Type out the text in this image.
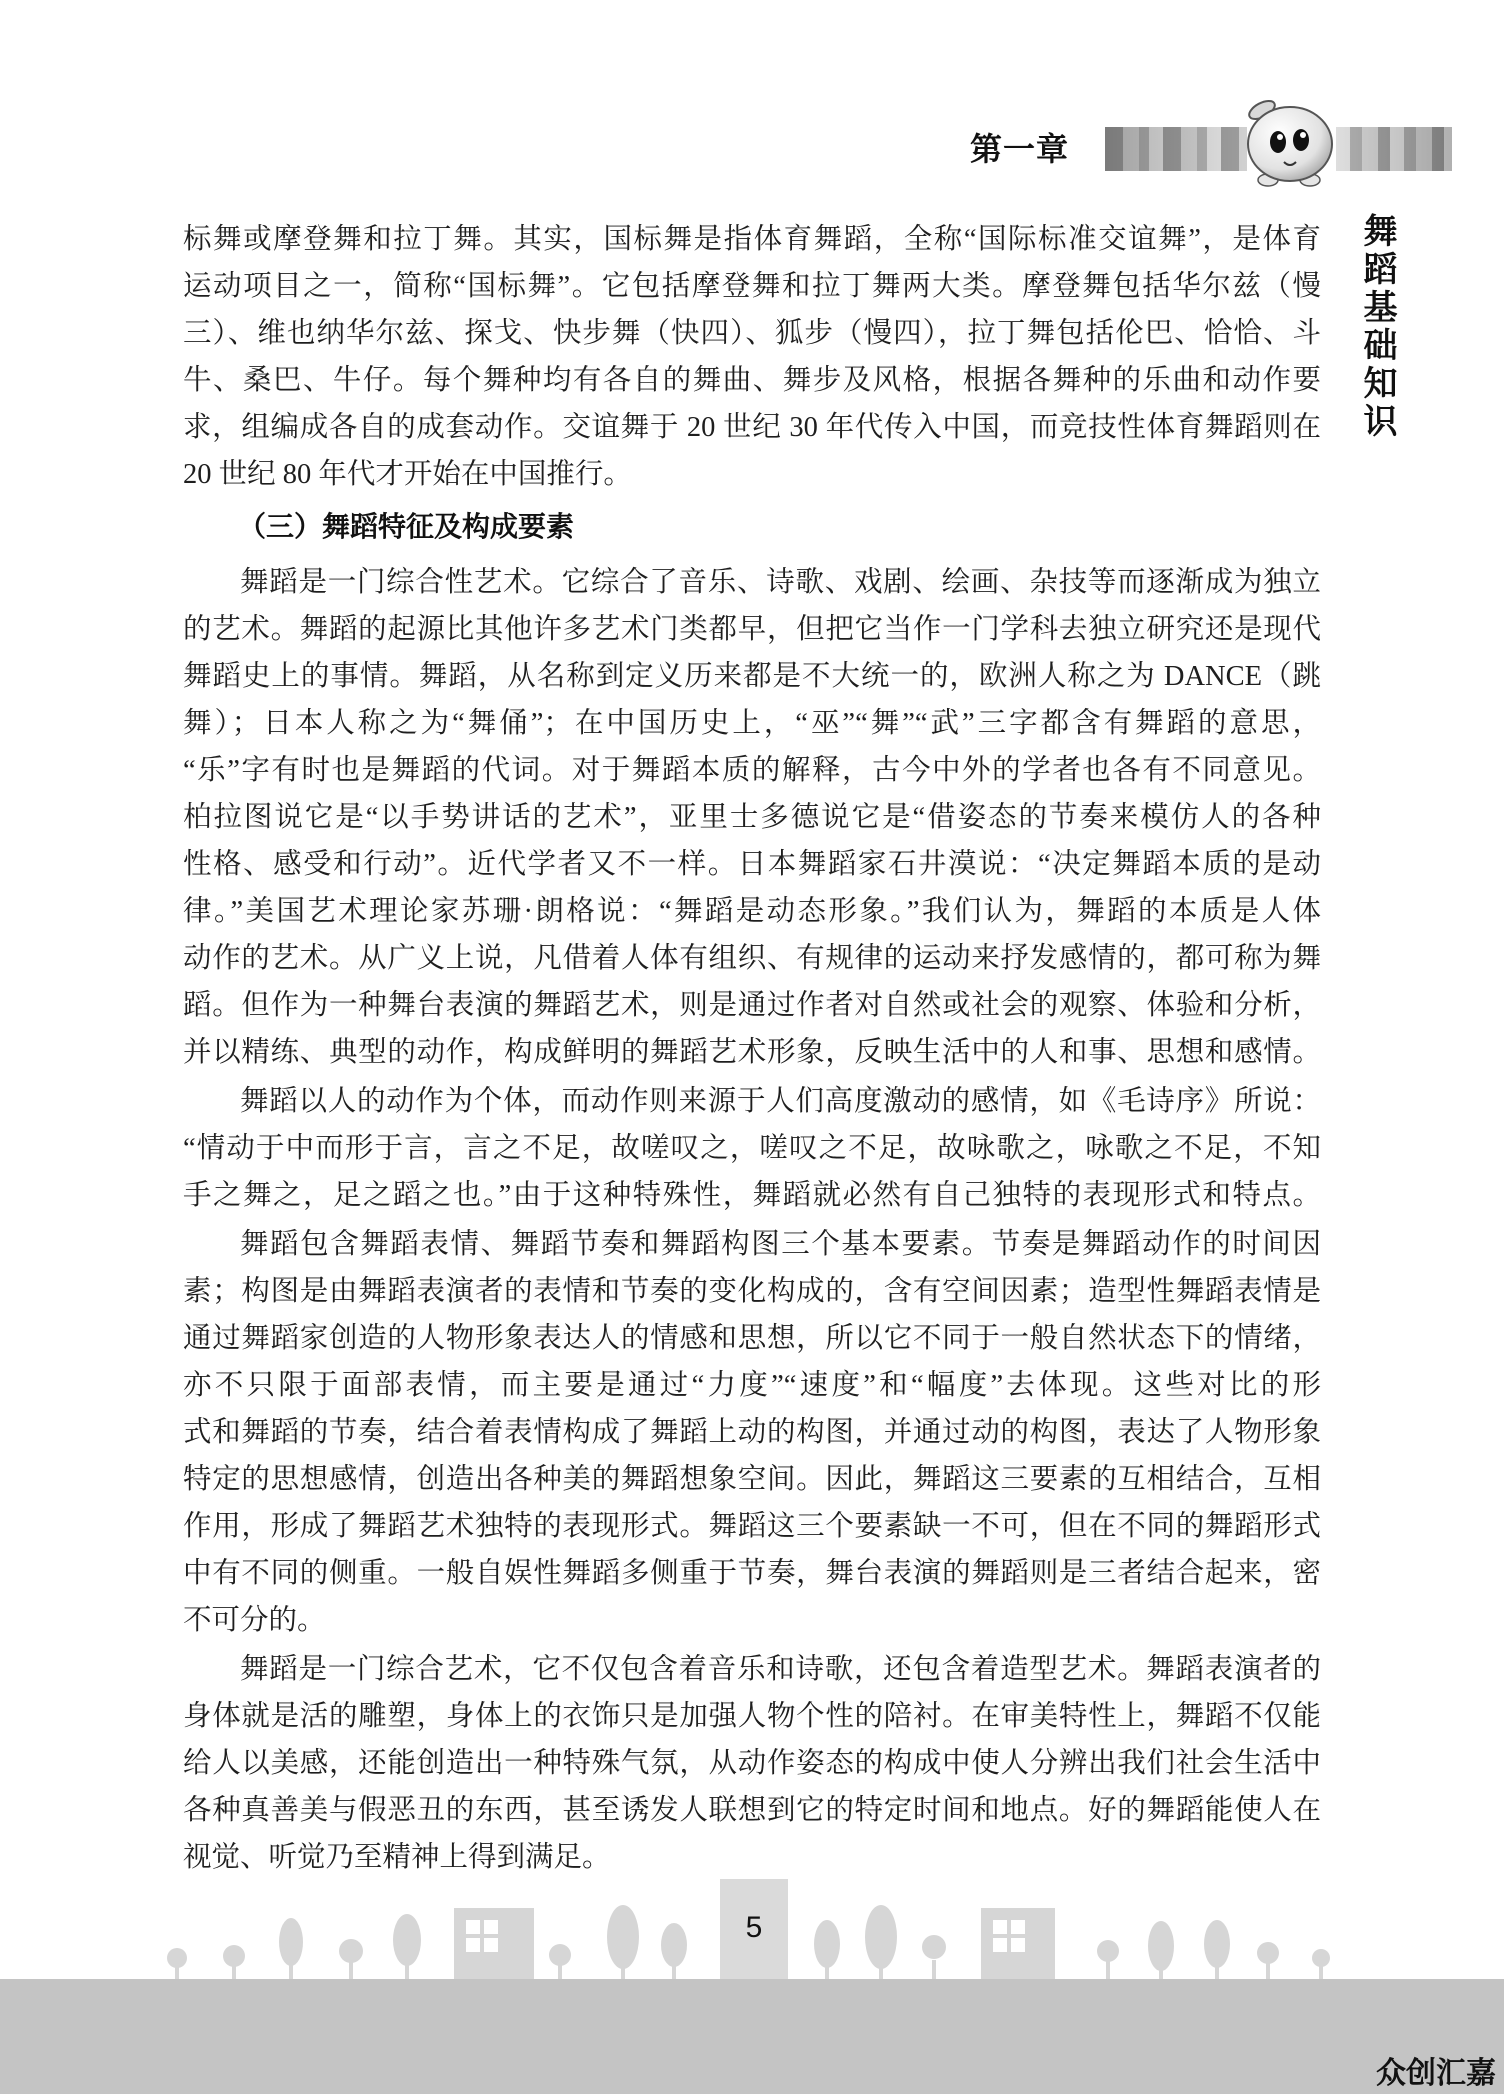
第一章
舞蹈基础知识
标舞或摩登舞和拉丁舞。其实，国标舞是指体育舞蹈，全称“国际标准交谊舞”，是体育
运动项目之一，简称“国标舞”。它包括摩登舞和拉丁舞两大类。摩登舞包括华尔兹（慢
三）、维也纳华尔兹、探戈、快步舞（快四）、狐步（慢四），拉丁舞包括伦巴、恰恰、斗
牛、桑巴、牛仔。每个舞种均有各自的舞曲、舞步及风格，根据各舞种的乐曲和动作要
求，组编成各自的成套动作。交谊舞于 20 世纪 30 年代传入中国，而竞技性体育舞蹈则在
20 世纪 80 年代才开始在中国推行。
（三）舞蹈特征及构成要素
舞蹈是一门综合性艺术。它综合了音乐、诗歌、戏剧、绘画、杂技等而逐渐成为独立
的艺术。舞蹈的起源比其他许多艺术门类都早，但把它当作一门学科去独立研究还是现代
舞蹈史上的事情。舞蹈，从名称到定义历来都是不大统一的，欧洲人称之为 DANCE（跳
舞）；日本人称之为“舞俑”；在中国历史上，“巫”“舞”“武”三字都含有舞蹈的意思，
“乐”字有时也是舞蹈的代词。对于舞蹈本质的解释，古今中外的学者也各有不同意见。
柏拉图说它是“以手势讲话的艺术”，亚里士多德说它是“借姿态的节奏来模仿人的各种
性格、感受和行动”。近代学者又不一样。日本舞蹈家石井漠说：“决定舞蹈本质的是动
律。”美国艺术理论家苏珊·朗格说：“舞蹈是动态形象。”我们认为，舞蹈的本质是人体
动作的艺术。从广义上说，凡借着人体有组织、有规律的运动来抒发感情的，都可称为舞
蹈。但作为一种舞台表演的舞蹈艺术，则是通过作者对自然或社会的观察、体验和分析，
并以精练、典型的动作，构成鲜明的舞蹈艺术形象，反映生活中的人和事、思想和感情。
舞蹈以人的动作为个体，而动作则来源于人们高度激动的感情，如《毛诗序》所说：
“情动于中而形于言，言之不足，故嗟叹之，嗟叹之不足，故咏歌之，咏歌之不足，不知
手之舞之，足之蹈之也。”由于这种特殊性，舞蹈就必然有自己独特的表现形式和特点。
舞蹈包含舞蹈表情、舞蹈节奏和舞蹈构图三个基本要素。节奏是舞蹈动作的时间因
素；构图是由舞蹈表演者的表情和节奏的变化构成的，含有空间因素；造型性舞蹈表情是
通过舞蹈家创造的人物形象表达人的情感和思想，所以它不同于一般自然状态下的情绪，
亦不只限于面部表情，而主要是通过“力度”“速度”和“幅度”去体现。这些对比的形
式和舞蹈的节奏，结合着表情构成了舞蹈上动的构图，并通过动的构图，表达了人物形象
特定的思想感情，创造出各种美的舞蹈想象空间。因此，舞蹈这三要素的互相结合，互相
作用，形成了舞蹈艺术独特的表现形式。舞蹈这三个要素缺一不可，但在不同的舞蹈形式
中有不同的侧重。一般自娱性舞蹈多侧重于节奏，舞台表演的舞蹈则是三者结合起来，密
不可分的。
舞蹈是一门综合艺术，它不仅包含着音乐和诗歌，还包含着造型艺术。舞蹈表演者的
身体就是活的雕塑，身体上的衣饰只是加强人物个性的陪衬。在审美特性上，舞蹈不仅能
给人以美感，还能创造出一种特殊气氛，从动作姿态的构成中使人分辨出我们社会生活中
各种真善美与假恶丑的东西，甚至诱发人联想到它的特定时间和地点。好的舞蹈能使人在
视觉、听觉乃至精神上得到满足。
5
众创汇嘉
